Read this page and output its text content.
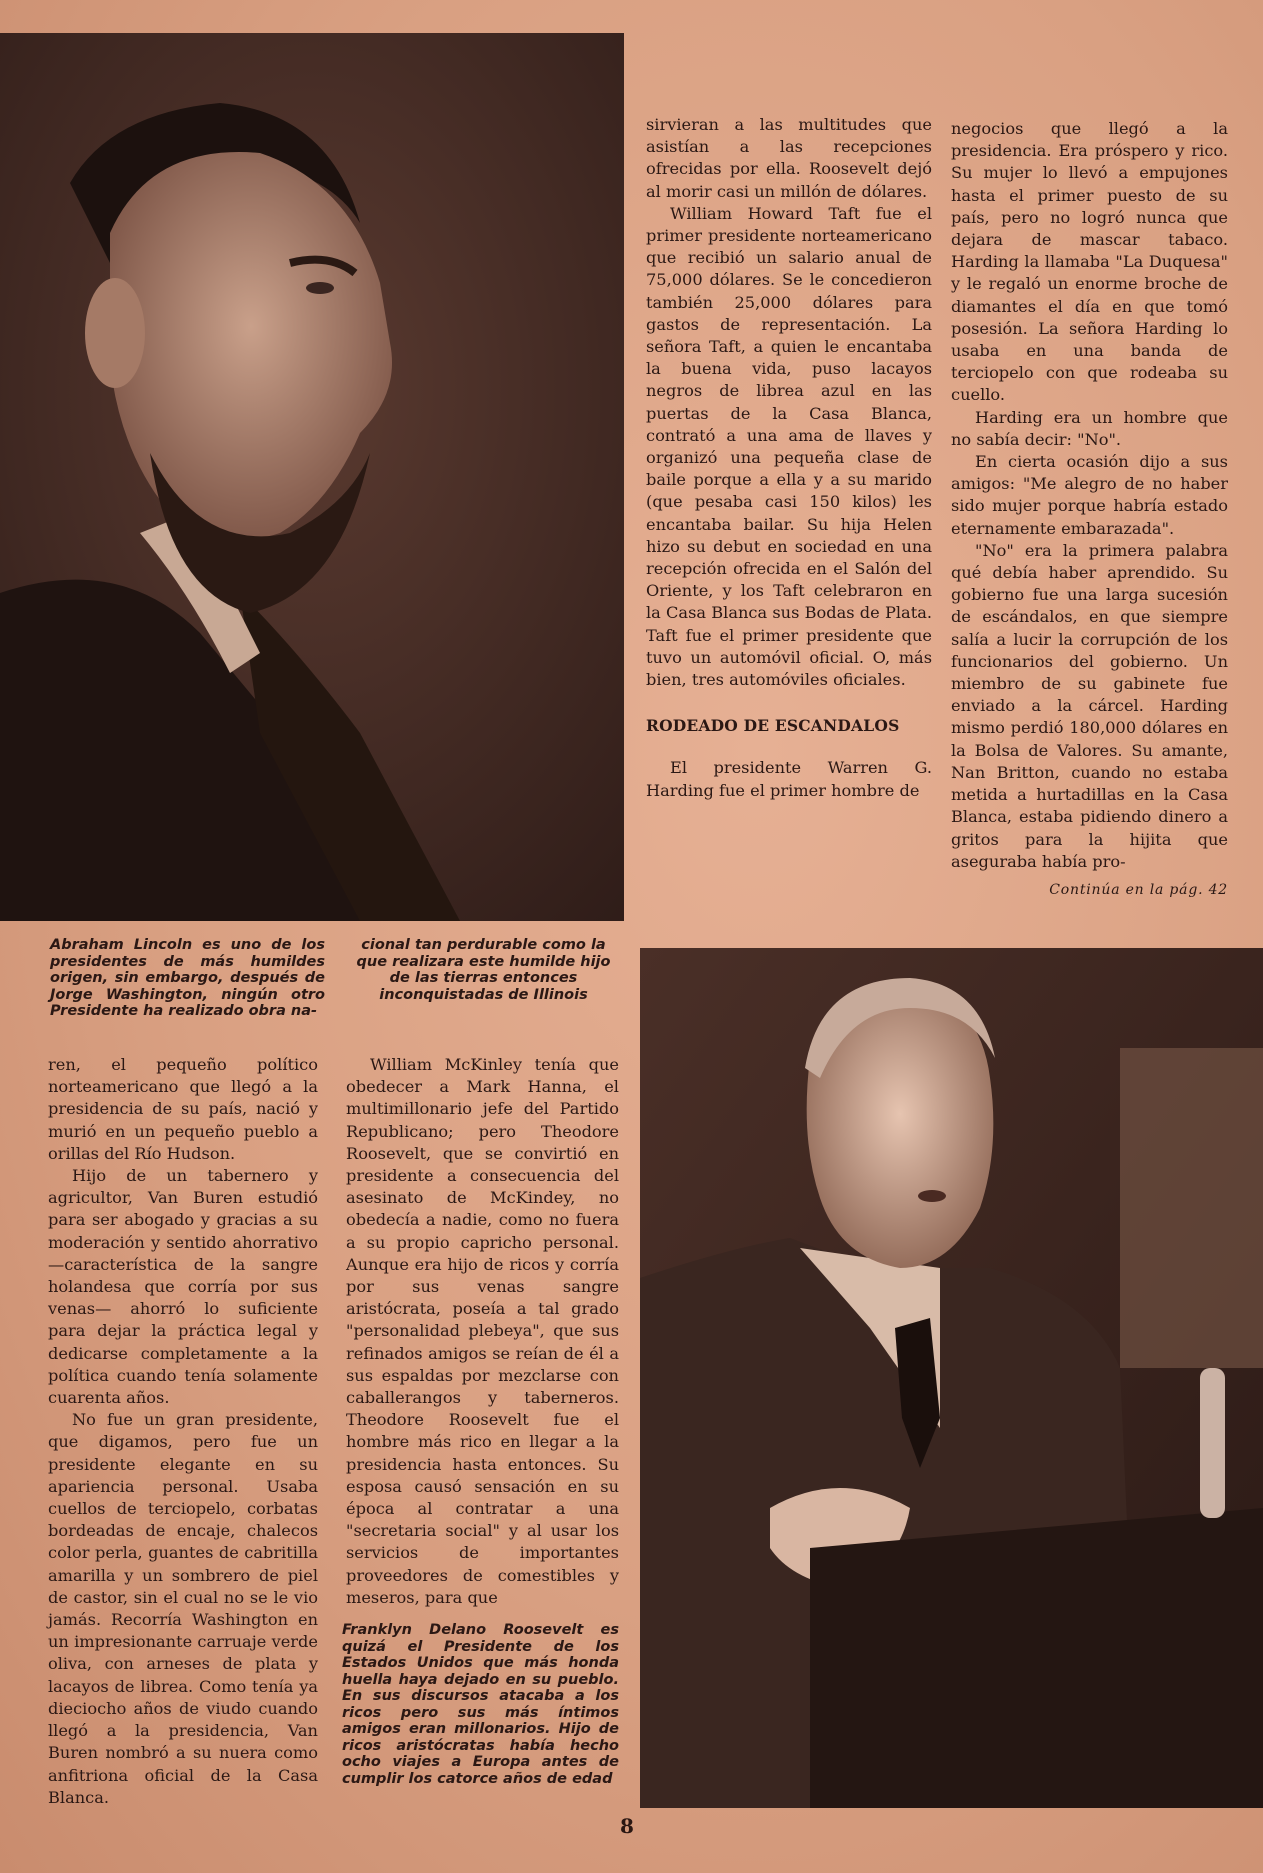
sirvieran a las multitudes que asistían a las recepciones ofrecidas por ella. Roosevelt dejó al morir casi un millón de dólares.

William Howard Taft fue el primer presidente norteamericano que recibió un salario anual de 75,000 dólares. Se le concedieron también 25,000 dólares para gastos de representación. La señora Taft, a quien le encantaba la buena vida, puso lacayos negros de librea azul en las puertas de la Casa Blanca, contrató a una ama de llaves y organizó una pequeña clase de baile porque a ella y a su marido (que pesaba casi 150 kilos) les encantaba bailar. Su hija Helen hizo su debut en sociedad en una recepción ofrecida en el Salón del Oriente, y los Taft celebraron en la Casa Blanca sus Bodas de Plata. Taft fue el primer presidente que tuvo un automóvil oficial. O, más bien, tres automóviles oficiales.

RODEADO DE ESCANDALOS

El presidente Warren G. Harding fue el primer hombre de

negocios que llegó a la presidencia. Era próspero y rico. Su mujer lo llevó a empujones hasta el primer puesto de su país, pero no logró nunca que dejara de mascar tabaco. Harding la llamaba "La Duquesa" y le regaló un enorme broche de diamantes el día en que tomó posesión. La señora Harding lo usaba en una banda de terciopelo con que rodeaba su cuello.

Harding era un hombre que no sabía decir: "No".

En cierta ocasión dijo a sus amigos: "Me alegro de no haber sido mujer porque habría estado eternamente embarazada".

"No" era la primera palabra qué debía haber aprendido. Su gobierno fue una larga sucesión de escándalos, en que siempre salía a lucir la corrupción de los funcionarios del gobierno. Un miembro de su gabinete fue enviado a la cárcel. Harding mismo perdió 180,000 dólares en la Bolsa de Valores. Su amante, Nan Britton, cuando no estaba metida a hurtadillas en la Casa Blanca, estaba pidiendo dinero a gritos para la hijita que aseguraba había pro-

Continúa en la pág. 42
Abraham Lincoln es uno de los presidentes de más humildes origen, sin embargo, después de Jorge Washington, ningún otro Presidente ha realizado obra na-
cional tan perdurable como la que realizara este humilde hijo de las tierras entonces inconquistadas de Illinois

ren, el pequeño político norteamericano que llegó a la presidencia de su país, nació y murió en un pequeño pueblo a orillas del Río Hudson.

Hijo de un tabernero y agricultor, Van Buren estudió para ser abogado y gracias a su moderación y sentido ahorrativo —característica de la sangre holandesa que corría por sus venas— ahorró lo suficiente para dejar la práctica legal y dedicarse completamente a la política cuando tenía solamente cuarenta años.

No fue un gran presidente, que digamos, pero fue un presidente elegante en su apariencia personal. Usaba cuellos de terciopelo, corbatas bordeadas de encaje, chalecos color perla, guantes de cabritilla amarilla y un sombrero de piel de castor, sin el cual no se le vio jamás. Recorría Washington en un impresionante carruaje verde oliva, con arneses de plata y lacayos de librea. Como tenía ya dieciocho años de viudo cuando llegó a la presidencia, Van Buren nombró a su nuera como anfitriona oficial de la Casa Blanca.

William McKinley tenía que obedecer a Mark Hanna, el multimillonario jefe del Partido Republicano; pero Theodore Roosevelt, que se convirtió en presidente a consecuencia del asesinato de McKindey, no obedecía a nadie, como no fuera a su propio capricho personal. Aunque era hijo de ricos y corría por sus venas sangre aristócrata, poseía a tal grado "personalidad plebeya", que sus refinados amigos se reían de él a sus espaldas por mezclarse con caballerangos y taberneros. Theodore Roosevelt fue el hombre más rico en llegar a la presidencia hasta entonces. Su esposa causó sensación en su época al contratar a una "secretaria social" y al usar los servicios de importantes proveedores de comestibles y meseros, para que

Franklyn Delano Roosevelt es quizá el Presidente de los Estados Unidos que más honda huella haya dejado en su pueblo. En sus discursos atacaba a los ricos pero sus más íntimos amigos eran millonarios. Hijo de ricos aristócratas había hecho ocho viajes a Europa antes de cumplir los catorce años de edad
8
